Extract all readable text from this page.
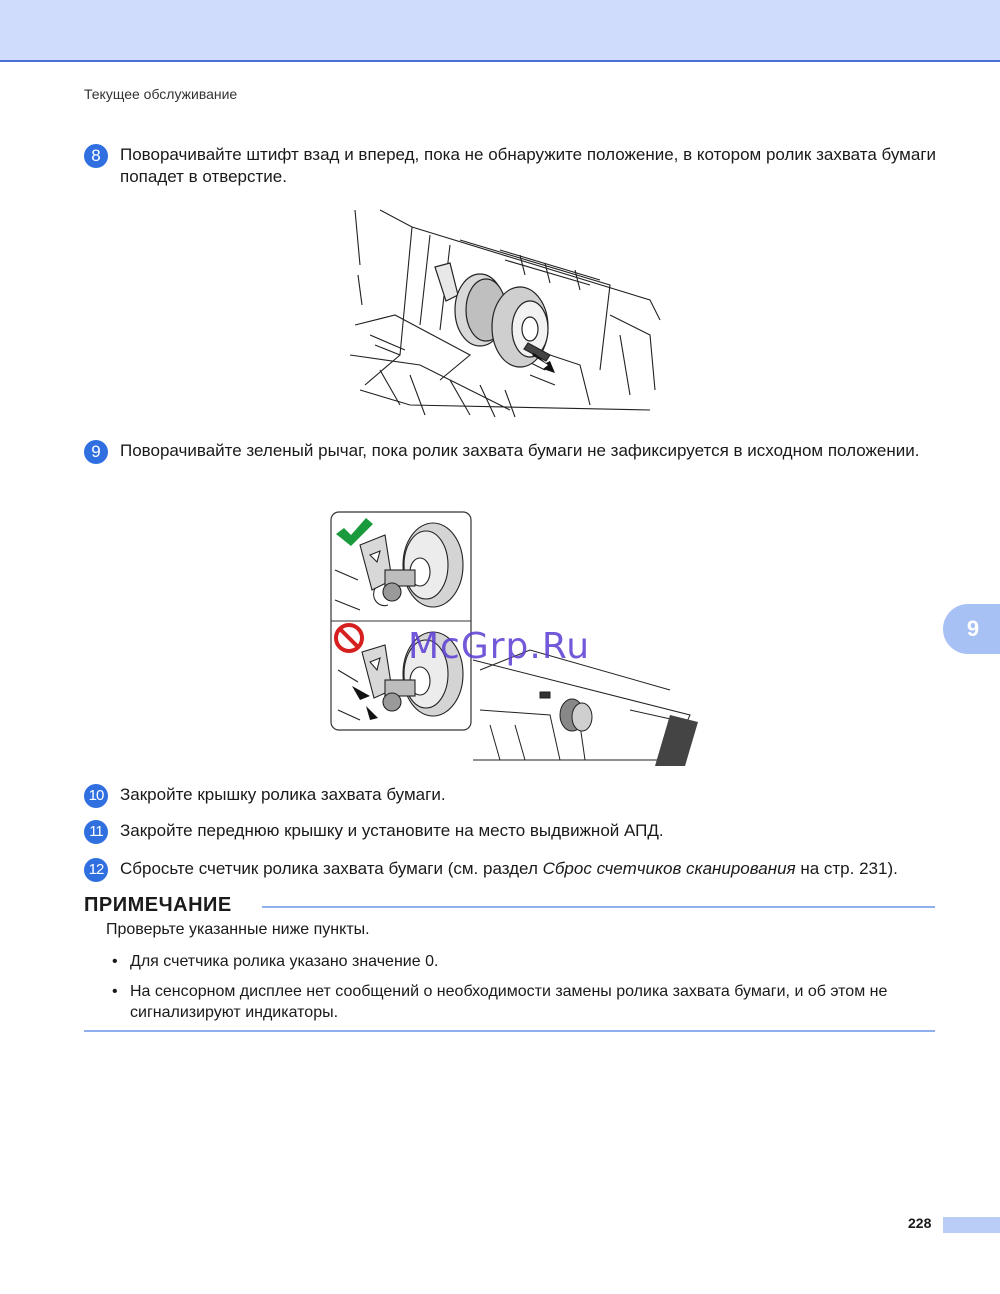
Текущее обслуживание
8	Поворачивайте штифт взад и вперед, пока не обнаружите положение, в котором ролик захвата бумаги попадет в отверстие.
9	Поворачивайте зеленый рычаг, пока ролик захвата бумаги не зафиксируется в исходном положении.
McGrp.Ru
10 Закройте крышку ролика захвата бумаги.
11	Закройте переднюю крышку и установите на место выдвижной АПД.
12 Сбросьте счетчик ролика захвата бумаги (см. раздел Сброс счетчиков сканирования на стр. 231).
ПРИМЕЧАНИЕ
Проверьте указанные ниже пункты.
• Для счетчика ролика указано значение 0.
• На сенсорном дисплее нет сообщений о необходимости замены ролика захвата бумаги, и об этом не сигнализируют индикаторы.
9
228
